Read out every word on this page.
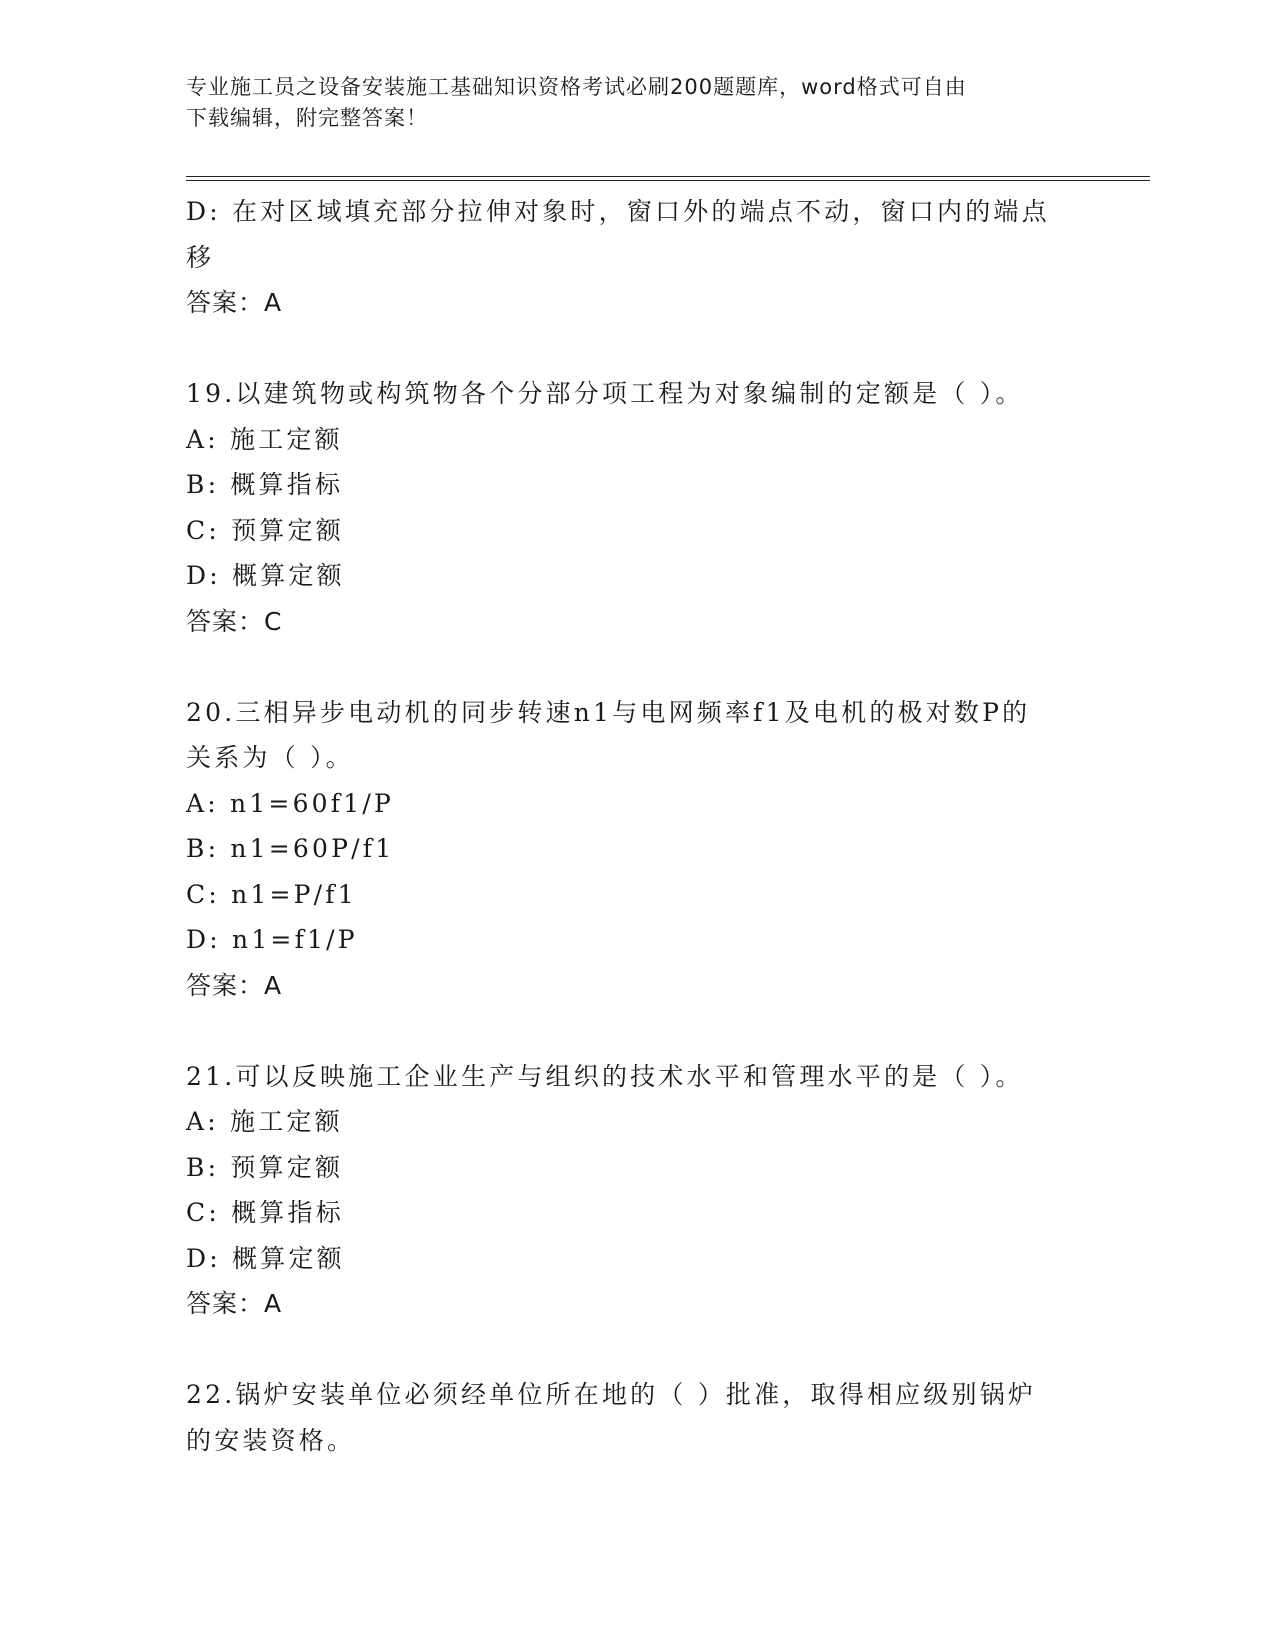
专业施工员之设备安装施工基础知识资格考试必刷200题题库，word格式可自由
下载编辑，附完整答案！
D: 在对区域填充部分拉伸对象时，窗口外的端点不动，窗口内的端点
移
答案：A
19.以建筑物或构筑物各个分部分项工程为对象编制的定额是（ ）。
A: 施工定额
B: 概算指标
C: 预算定额
D: 概算定额
答案：C
20.三相异步电动机的同步转速n1与电网频率f1及电机的极对数P的
关系为（ ）。
A: n1=60f1/P
B: n1=60P/f1
C: n1=P/f1
D: n1=f1/P
答案：A
21.可以反映施工企业生产与组织的技术水平和管理水平的是（ ）。
A: 施工定额
B: 预算定额
C: 概算指标
D: 概算定额
答案：A
22.锅炉安装单位必须经单位所在地的（ ）批准，取得相应级别锅炉
的安装资格。
